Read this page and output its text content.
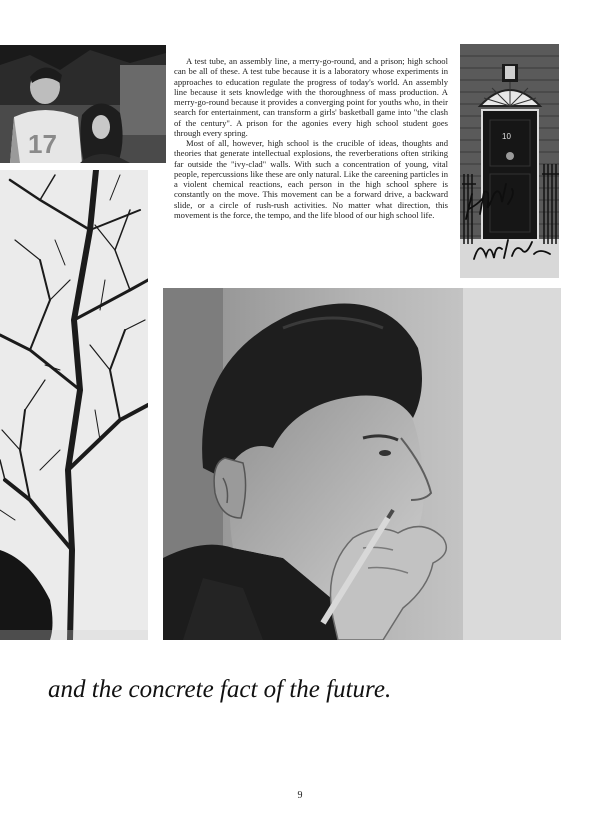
17	10

A test tube, an assembly line, a merry-go-round, and a prison; high school can be all of these. A test tube because it is a laboratory whose experiments in approaches to education regulate the progress of today's world. An assembly line because it sets knowledge with the thoroughness of mass production. A merry-go-round because it provides a converging point for youths who, in their search for entertainment, can transform a girls' basketball game into "the clash of the century". A prison for the agonies every high school student goes through every spring.

Most of all, however, high school is the crucible of ideas, thoughts and theories that generate intellectual explosions, the reverberations often striking far outside the "ivy-clad" walls. With such a concentration of young, vital people, repercussions like these are only natural. Like the careening particles in a violent chemical reactions, each person in the high school sphere is constantly on the move. This movement can be a forward drive, a backward slide, or a circle of rush-rush activities. No matter what direction, this movement is the force, the tempo, and the life blood of our high school life.

and the concrete fact of the future.
9
